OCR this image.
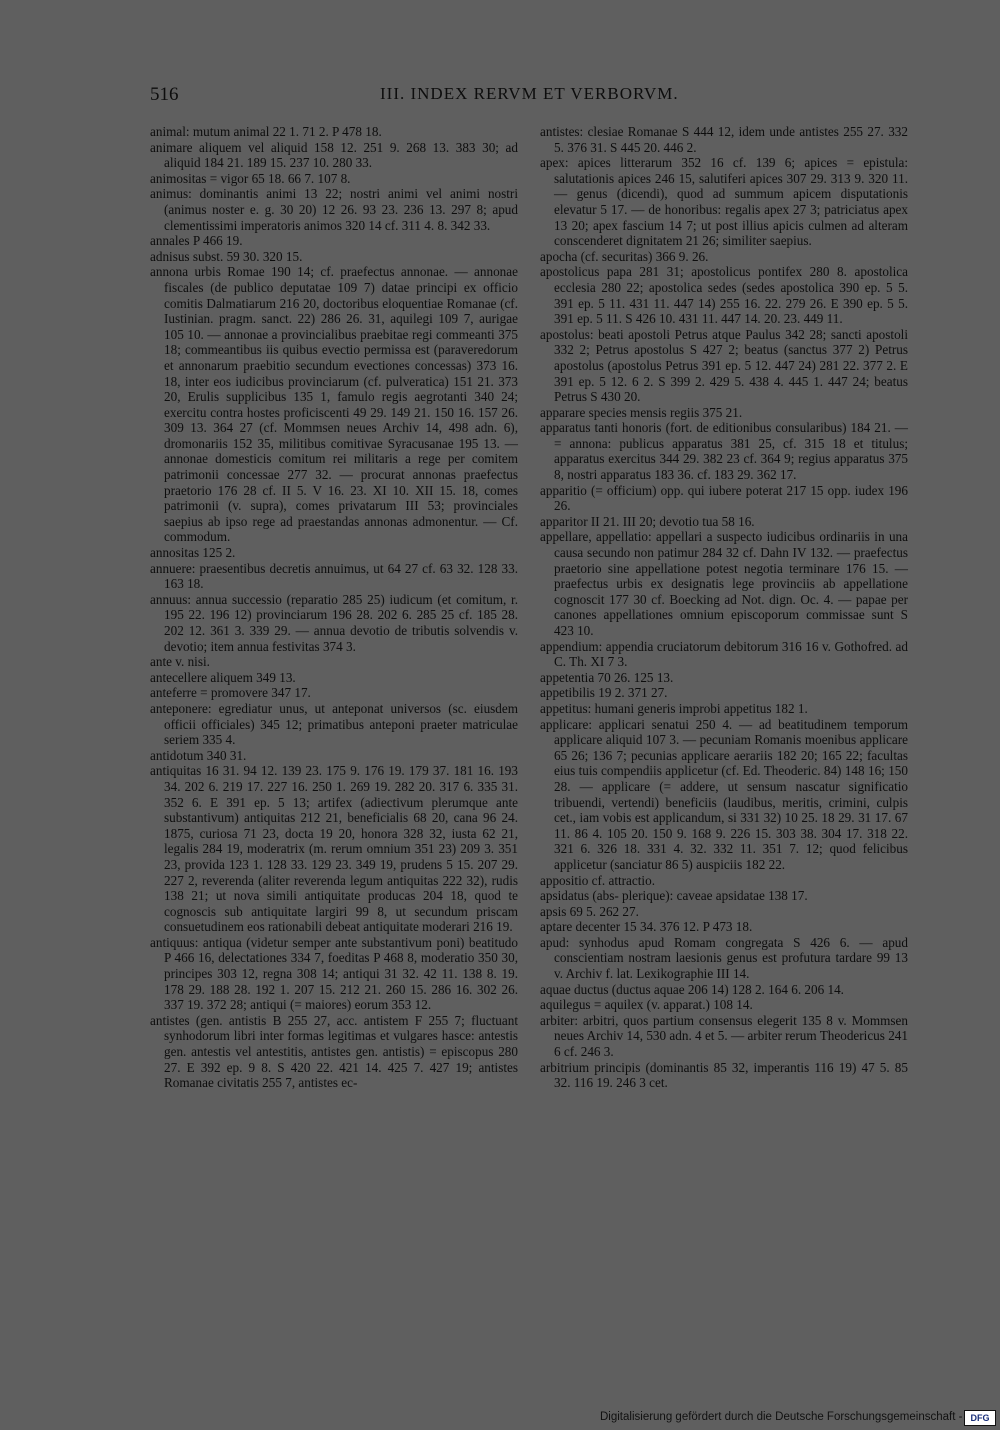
516	III. INDEX RERVM ET VERBORVM.
animal: mutum animal 22 1. 71 2. P 478 18.
animare aliquem vel aliquid 158 12. 251 9. 268 13. 383 30; ad aliquid 184 21. 189 15. 237 10. 280 33.
animositas = vigor 65 18. 66 7. 107 8.
animus: dominantis animi 13 22; nostri animi vel animi nostri (animus noster e. g. 30 20) 12 26. 93 23. 236 13. 297 8; apud clementissimi imperatoris animos 320 14 cf. 311 4. 8. 342 33.
annales P 466 19.
adnisus subst. 59 30. 320 15.
annona urbis Romae 190 14; cf. praefectus annonae. — annonae fiscales (de publico deputatae 109 7) datae principi ex officio comitis Dalmatiarum 216 20, doctoribus eloquentiae Romanae (cf. Iustinian. pragm. sanct. 22) 286 26. 31, aquilegi 109 7, aurigae 105 10. — annonae a provincialibus praebitae regi commeanti 375 18; commeantibus iis quibus evectio permissa est (paraveredorum et annonarum praebitio secundum evectiones concessas) 373 16. 18, inter eos iudicibus provinciarum (cf. pulveratica) 151 21. 373 20, Erulis supplicibus 135 1, famulo regis aegrotanti 340 24; exercitu contra hostes proficiscenti 49 29. 149 21. 150 16. 157 26. 309 13. 364 27 (cf. Mommsen neues Archiv 14, 498 adn. 6), dromonariis 152 35, militibus comitivae Syracusanae 195 13. — annonae domesticis comitum rei militaris a rege per comitem patrimonii concessae 277 32. — procurat annonas praefectus praetorio 176 28 cf. II 5. V 16. 23. XI 10. XII 15. 18, comes patrimonii (v. supra), comes privatarum III 53; provinciales saepius ab ipso rege ad praestandas annonas admonentur. — Cf. commodum.
annositas 125 2.
annuere: praesentibus decretis annuimus, ut 64 27 cf. 63 32. 128 33. 163 18.
annuus: annua successio (reparatio 285 25) iudicum (et comitum, r. 195 22. 196 12) provinciarum 196 28. 202 6. 285 25 cf. 185 28. 202 12. 361 3. 339 29. — annua devotio de tributis solvendis v. devotio; item annua festivitas 374 3.
ante v. nisi.
antecellere aliquem 349 13.
anteferre = promovere 347 17.
anteponere: egrediatur unus, ut anteponat universos (sc. eiusdem officii officiales) 345 12; primatibus anteponi praeter matriculae seriem 335 4.
antidotum 340 31.
antiquitas 16 31. 94 12. 139 23. 175 9. 176 19. 179 37. 181 16. 193 34. 202 6. 219 17. 227 16. 250 1. 269 19. 282 20. 317 6. 335 31. 352 6. E 391 ep. 5 13; artifex (adiectivum plerumque ante substantivum) antiquitas 212 21, beneficialis 68 20, cana 96 24. 1875, curiosa 71 23, docta 19 20, honora 328 32, iusta 62 21, legalis 284 19, moderatrix (m. rerum omnium 351 23) 209 3. 351 23, provida 123 1. 128 33. 129 23. 349 19, prudens 5 15. 207 29. 227 2, reverenda (aliter reverenda legum antiquitas 222 32), rudis 138 21; ut nova simili antiquitate producas 204 18, quod te cognoscis sub antiquitate largiri 99 8, ut secundum priscam consuetudinem eos rationabili debeat antiquitate moderari 216 19.
antiquus: antiqua (videtur semper ante substantivum poni) beatitudo P 466 16, delectationes 334 7, foeditas P 468 8, moderatio 350 30, principes 303 12, regna 308 14; antiqui 31 32. 42 11. 138 8. 19. 178 29. 188 28. 192 1. 207 15. 212 21. 260 15. 286 16. 302 26. 337 19. 372 28; antiqui (= maiores) eorum 353 12.
antistes (gen. antistis B 255 27, acc. antistem F 255 7; fluctuant synhodorum libri inter formas legitimas et vulgares hasce: antestis gen. antestis vel antestitis, antistes gen. antistis) = episcopus 280 27. E 392 ep. 9 8. S 420 22. 421 14. 425 7. 427 19; antistes Romanae civitatis 255 7, antistes ec-
antistes: clesiae Romanae S 444 12, idem unde antistes 255 27. 332 5. 376 31. S 445 20. 446 2.
apex: apices litterarum 352 16 cf. 139 6; apices = epistula: salutationis apices 246 15, salutiferi apices 307 29. 313 9. 320 11. — genus (dicendi), quod ad summum apicem disputationis elevatur 5 17. — de honoribus: regalis apex 27 3; patriciatus apex 13 20; apex fascium 14 7; ut post illius apicis culmen ad alteram conscenderet dignitatem 21 26; similiter saepius.
apocha (cf. securitas) 366 9. 26.
apostolicus papa 281 31; apostolicus pontifex 280 8. apostolica ecclesia 280 22; apostolica sedes (sedes apostolica 390 ep. 5 5. 391 ep. 5 11. 431 11. 447 14) 255 16. 22. 279 26. E 390 ep. 5 5. 391 ep. 5 11. S 426 10. 431 11. 447 14. 20. 23. 449 11.
apostolus: beati apostoli Petrus atque Paulus 342 28; sancti apostoli 332 2; Petrus apostolus S 427 2; beatus (sanctus 377 2) Petrus apostolus (apostolus Petrus 391 ep. 5 12. 447 24) 281 22. 377 2. E 391 ep. 5 12. 6 2. S 399 2. 429 5. 438 4. 445 1. 447 24; beatus Petrus S 430 20.
apparare species mensis regiis 375 21.
apparatus tanti honoris (fort. de editionibus consularibus) 184 21. — = annona: publicus apparatus 381 25, cf. 315 18 et titulus; apparatus exercitus 344 29. 382 23 cf. 364 9; regius apparatus 375 8, nostri apparatus 183 36. cf. 183 29. 362 17.
apparitio (= officium) opp. qui iubere poterat 217 15 opp. iudex 196 26.
apparitor II 21. III 20; devotio tua 58 16.
appellare, appellatio: appellari a suspecto iudicibus ordinariis in una causa secundo non patimur 284 32 cf. Dahn IV 132. — praefectus praetorio sine appellatione potest negotia terminare 176 15. — praefectus urbis ex designatis lege provinciis ab appellatione cognoscit 177 30 cf. Boecking ad Not. dign. Oc. 4. — papae per canones appellationes omnium episcoporum commissae sunt S 423 10.
appendium: appendia cruciatorum debitorum 316 16 v. Gothofred. ad C. Th. XI 7 3.
appetentia 70 26. 125 13.
appetibilis 19 2. 371 27.
appetitus: humani generis improbi appetitus 182 1.
applicare: applicari senatui 250 4. — ad beatitudinem temporum applicare aliquid 107 3. — pecuniam Romanis moenibus applicare 65 26; 136 7; pecunias applicare aerariis 182 20; 165 22; facultas eius tuis compendiis applicetur (cf. Ed. Theoderic. 84) 148 16; 150 28. — applicare (= addere, ut sensum nascatur significatio tribuendi, vertendi) beneficiis (laudibus, meritis, crimini, culpis cet., iam vobis est applicandum, si 331 32) 10 25. 18 29. 31 17. 67 11. 86 4. 105 20. 150 9. 168 9. 226 15. 303 38. 304 17. 318 22. 321 6. 326 18. 331 4. 32. 332 11. 351 7. 12; quod felicibus applicetur (sanciatur 86 5) auspiciis 182 22.
appositio cf. attractio.
apsidatus (abs- plerique): caveae apsidatae 138 17.
apsis 69 5. 262 27.
aptare decenter 15 34. 376 12. P 473 18.
apud: synhodus apud Romam congregata S 426 6. — apud conscientiam nostram laesionis genus est profutura tardare 99 13 v. Archiv f. lat. Lexikographie III 14.
aquae ductus (ductus aquae 206 14) 128 2. 164 6. 206 14.
aquilegus = aquilex (v. apparat.) 108 14.
arbiter: arbitri, quos partium consensus elegerit 135 8 v. Mommsen neues Archiv 14, 530 adn. 4 et 5. — arbiter rerum Theodericus 241 6 cf. 246 3.
arbitrium principis (dominantis 85 32, imperantis 116 19) 47 5. 85 32. 116 19. 246 3 cet.
Digitalisierung gefördert durch die Deutsche Forschungsgemeinschaft - DFG
